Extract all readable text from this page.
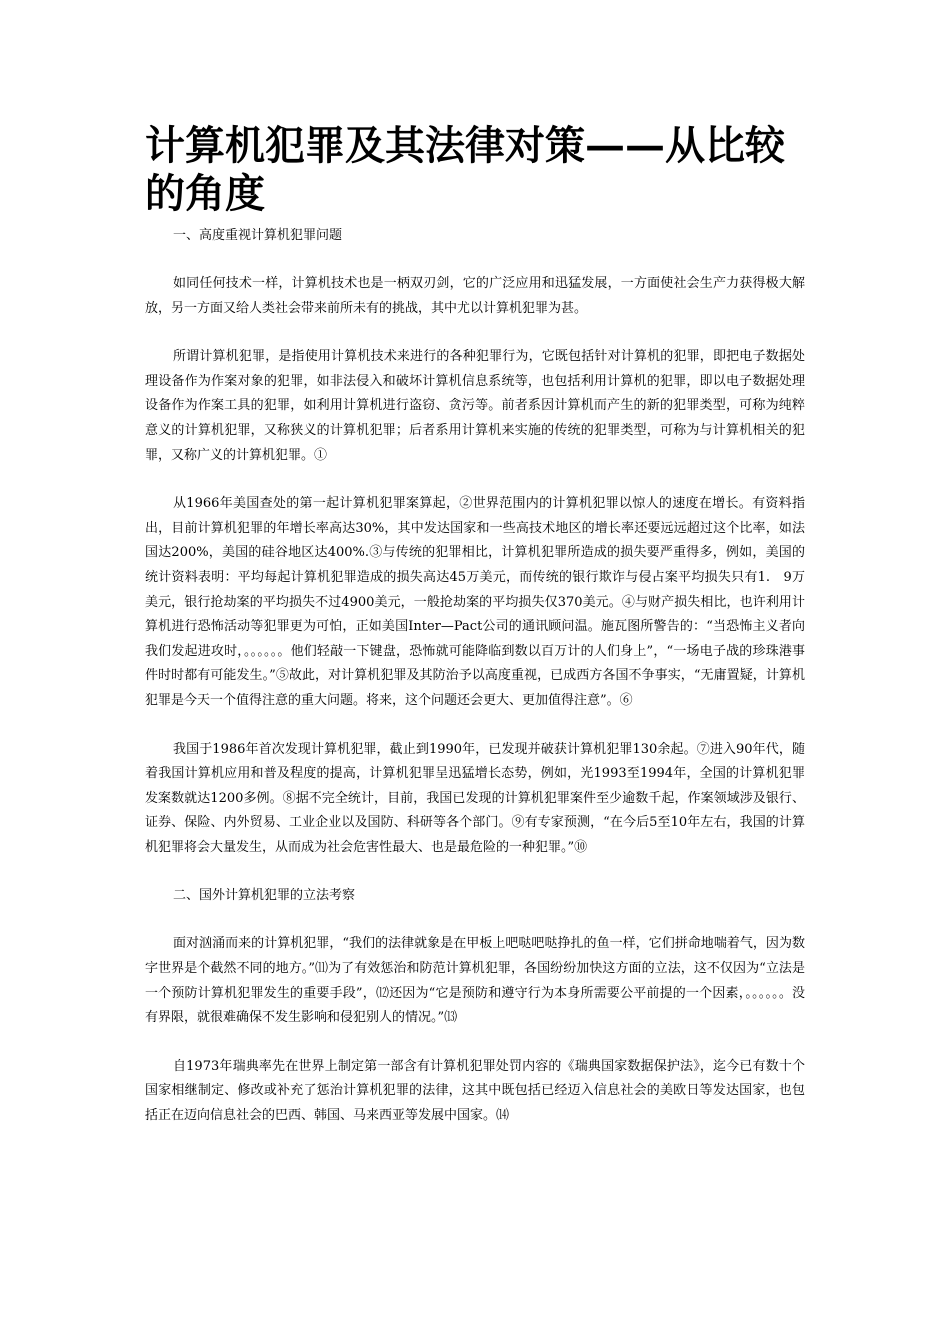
计算机犯罪及其法律对策——从比较的角度

一、高度重视计算机犯罪问题

如同任何技术一样，计算机技术也是一柄双刃剑，它的广泛应用和迅猛发展，一方面使社会生产力获得极大解放，另一方面又给人类社会带来前所未有的挑战，其中尤以计算机犯罪为甚。

所谓计算机犯罪，是指使用计算机技术来进行的各种犯罪行为，它既包括针对计算机的犯罪，即把电子数据处理设备作为作案对象的犯罪，如非法侵入和破坏计算机信息系统等，也包括利用计算机的犯罪，即以电子数据处理设备作为作案工具的犯罪，如利用计算机进行盗窃、贪污等。前者系因计算机而产生的新的犯罪类型，可称为纯粹意义的计算机犯罪，又称狭义的计算机犯罪；后者系用计算机来实施的传统的犯罪类型，可称为与计算机相关的犯罪，又称广义的计算机犯罪。①

从1966年美国查处的第一起计算机犯罪案算起，②世界范围内的计算机犯罪以惊人的速度在增长。有资料指出，目前计算机犯罪的年增长率高达30%，其中发达国家和一些高技术地区的增长率还要远远超过这个比率，如法国达200%，美国的硅谷地区达400%.③与传统的犯罪相比，计算机犯罪所造成的损失要严重得多，例如，美国的统计资料表明：平均每起计算机犯罪造成的损失高达45万美元，而传统的银行欺诈与侵占案平均损失只有1.　9万美元，银行抢劫案的平均损失不过4900美元，一般抢劫案的平均损失仅370美元。④与财产损失相比，也许利用计算机进行恐怖活动等犯罪更为可怕，正如美国Inter—Pact公司的通讯顾问温。施瓦图所警告的：“当恐怖主义者向我们发起进攻时，。。。。。。他们轻敲一下键盘，恐怖就可能降临到数以百万计的人们身上”，“一场电子战的珍珠港事件时时都有可能发生。”⑤故此，对计算机犯罪及其防治予以高度重视，已成西方各国不争事实，“无庸置疑，计算机犯罪是今天一个值得注意的重大问题。将来，这个问题还会更大、更加值得注意”。⑥

我国于1986年首次发现计算机犯罪，截止到1990年，已发现并破获计算机犯罪130余起。⑦进入90年代，随着我国计算机应用和普及程度的提高，计算机犯罪呈迅猛增长态势，例如，光1993至1994年，全国的计算机犯罪发案数就达1200多例。⑧据不完全统计，目前，我国已发现的计算机犯罪案件至少逾数千起，作案领域涉及银行、证券、保险、内外贸易、工业企业以及国防、科研等各个部门。⑨有专家预测，“在今后5至10年左右，我国的计算机犯罪将会大量发生，从而成为社会危害性最大、也是最危险的一种犯罪。”⑩

二、国外计算机犯罪的立法考察

面对汹涌而来的计算机犯罪，“我们的法律就象是在甲板上吧哒吧哒挣扎的鱼一样，它们拼命地喘着气，因为数字世界是个截然不同的地方。”⑾为了有效惩治和防范计算机犯罪，各国纷纷加快这方面的立法，这不仅因为“立法是一个预防计算机犯罪发生的重要手段”，⑿还因为“它是预防和遵守行为本身所需要公平前提的一个因素，。。。。。。没有界限，就很难确保不发生影响和侵犯别人的情况。”⒀

自1973年瑞典率先在世界上制定第一部含有计算机犯罪处罚内容的《瑞典国家数据保护法》，迄今已有数十个国家相继制定、修改或补充了惩治计算机犯罪的法律，这其中既包括已经迈入信息社会的美欧日等发达国家，也包括正在迈向信息社会的巴西、韩国、马来西亚等发展中国家。⒁
